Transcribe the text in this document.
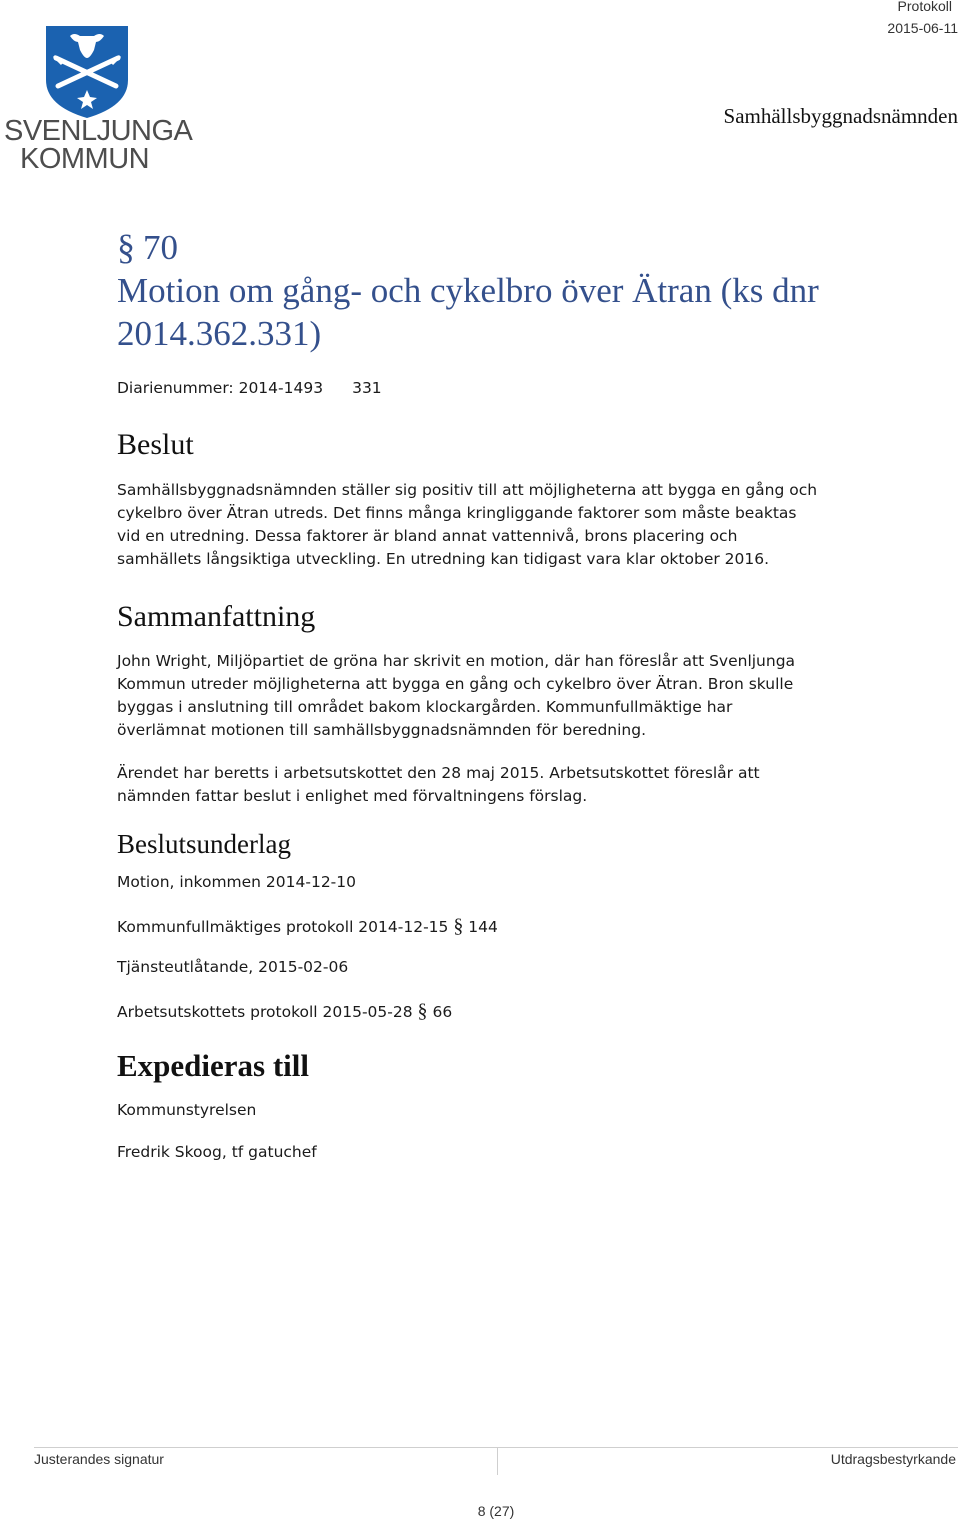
Protokoll
2015-06-11
Samhällsbyggnadsnämnden
SVENLJUNGA
KOMMUN
§ 70
Motion om gång- och cykelbro över Ätran (ks dnr
2014.362.331)
Diarienummer: 2014-1493 331
Beslut
Samhällsbyggnadsnämnden ställer sig positiv till att möjligheterna att bygga en gång och
cykelbro över Ätran utreds. Det finns många kringliggande faktorer som måste beaktas
vid en utredning. Dessa faktorer är bland annat vattennivå, brons placering och
samhällets långsiktiga utveckling. En utredning kan tidigast vara klar oktober 2016.
Sammanfattning
John Wright, Miljöpartiet de gröna har skrivit en motion, där han föreslår att Svenljunga
Kommun utreder möjligheterna att bygga en gång och cykelbro över Ätran. Bron skulle
byggas i anslutning till området bakom klockargården. Kommunfullmäktige har
överlämnat motionen till samhällsbyggnadsnämnden för beredning.
Ärendet har beretts i arbetsutskottet den 28 maj 2015. Arbetsutskottet föreslår att
nämnden fattar beslut i enlighet med förvaltningens förslag.
Beslutsunderlag
Motion, inkommen 2014-12-10
Kommunfullmäktiges protokoll 2014-12-15 § 144
Tjänsteutlåtande, 2015-02-06
Arbetsutskottets protokoll 2015-05-28 § 66
Expedieras till
Kommunstyrelsen
Fredrik Skoog, tf gatuchef
Justerandes signatur	Utdragsbestyrkande
8 (27)
